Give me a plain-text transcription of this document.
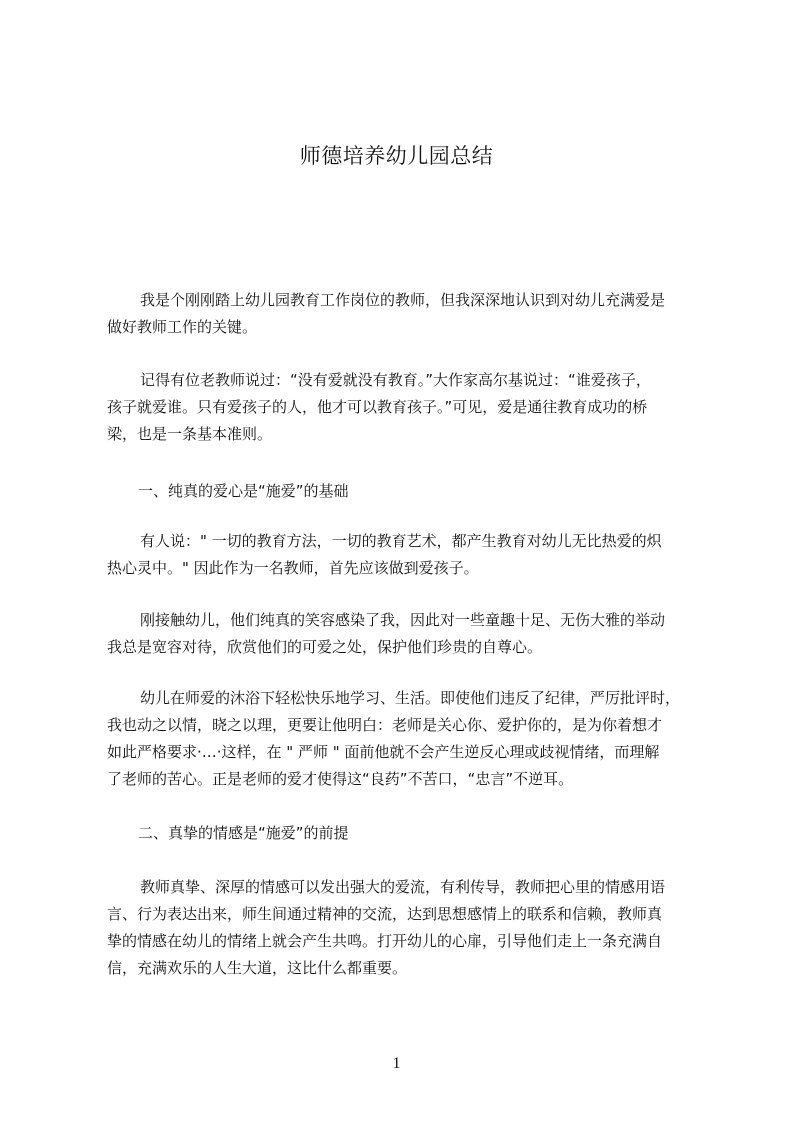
师德培养幼儿园总结

我是个刚刚踏上幼儿园教育工作岗位的教师，但我深深地认识到对幼儿充满爱是
做好教师工作的关键。

记得有位老教师说过：“没有爱就没有教育。”大作家高尔基说过：“谁爱孩子，
孩子就爱谁。只有爱孩子的人，他才可以教育孩子。”可见，爱是通往教育成功的桥
梁，也是一条基本准则。

一、纯真的爱心是“施爱”的基础

有人说：" 一切的教育方法，一切的教育艺术，都产生教育对幼儿无比热爱的炽
热心灵中。" 因此作为一名教师，首先应该做到爱孩子。

刚接触幼儿，他们纯真的笑容感染了我，因此对一些童趣十足、无伤大雅的举动
我总是宽容对待，欣赏他们的可爱之处，保护他们珍贵的自尊心。

幼儿在师爱的沐浴下轻松快乐地学习、生活。即使他们违反了纪律，严厉批评时，
我也动之以情，晓之以理，更要让他明白：老师是关心你、爱护你的，是为你着想才
如此严格要求·…·这样，在 " 严师 " 面前他就不会产生逆反心理或歧视情绪，而理解
了老师的苦心。正是老师的爱才使得这“良药”不苦口，“忠言”不逆耳。

二、真挚的情感是“施爱”的前提

教师真挚、深厚的情感可以发出强大的爱流，有利传导，教师把心里的情感用语
言、行为表达出来，师生间通过精神的交流，达到思想感情上的联系和信赖，教师真
挚的情感在幼儿的情绪上就会产生共鸣。打开幼儿的心扉，引导他们走上一条充满自
信，充满欢乐的人生大道，这比什么都重要。

1
